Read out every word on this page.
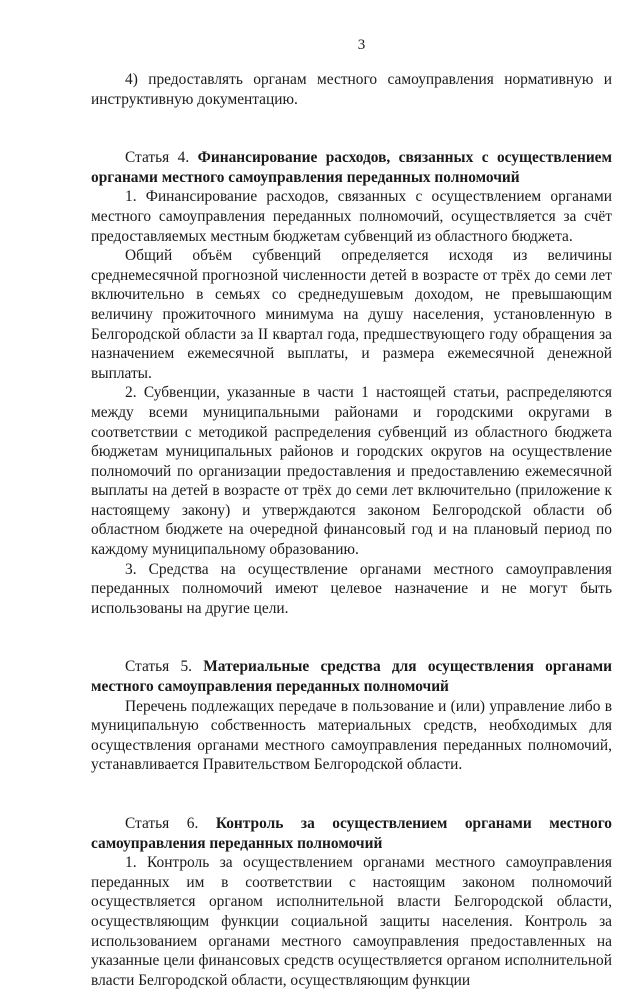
3

4) предоставлять органам местного самоуправления нормативную и инструктивную документацию.

Статья 4. Финансирование расходов, связанных с осуществлением органами местного самоуправления переданных полномочий

1. Финансирование расходов, связанных с осуществлением органами местного самоуправления переданных полномочий, осуществляется за счёт предоставляемых местным бюджетам субвенций из областного бюджета.

Общий объём субвенций определяется исходя из величины среднемесячной прогнозной численности детей в возрасте от трёх до семи лет включительно в семьях со среднедушевым доходом, не превышающим величину прожиточного минимума на душу населения, установленную в Белгородской области за II квартал года, предшествующего году обращения за назначением ежемесячной выплаты, и размера ежемесячной денежной выплаты.

2. Субвенции, указанные в части 1 настоящей статьи, распределяются между всеми муниципальными районами и городскими округами в соответствии с методикой распределения субвенций из областного бюджета бюджетам муниципальных районов и городских округов на осуществление полномочий по организации предоставления и предоставлению ежемесячной выплаты на детей в возрасте от трёх до семи лет включительно (приложение к настоящему закону) и утверждаются законом Белгородской области об областном бюджете на очередной финансовый год и на плановый период по каждому муниципальному образованию.

3. Средства на осуществление органами местного самоуправления переданных полномочий имеют целевое назначение и не могут быть использованы на другие цели.

Статья 5. Материальные средства для осуществления органами местного самоуправления переданных полномочий

Перечень подлежащих передаче в пользование и (или) управление либо в муниципальную собственность материальных средств, необходимых для осуществления органами местного самоуправления переданных полномочий, устанавливается Правительством Белгородской области.

Статья 6. Контроль за осуществлением органами местного самоуправления переданных полномочий

1. Контроль за осуществлением органами местного самоуправления переданных им в соответствии с настоящим законом полномочий осуществляется органом исполнительной власти Белгородской области, осуществляющим функции социальной защиты населения. Контроль за использованием органами местного самоуправления предоставленных на указанные цели финансовых средств осуществляется органом исполнительной власти Белгородской области, осуществляющим функции
